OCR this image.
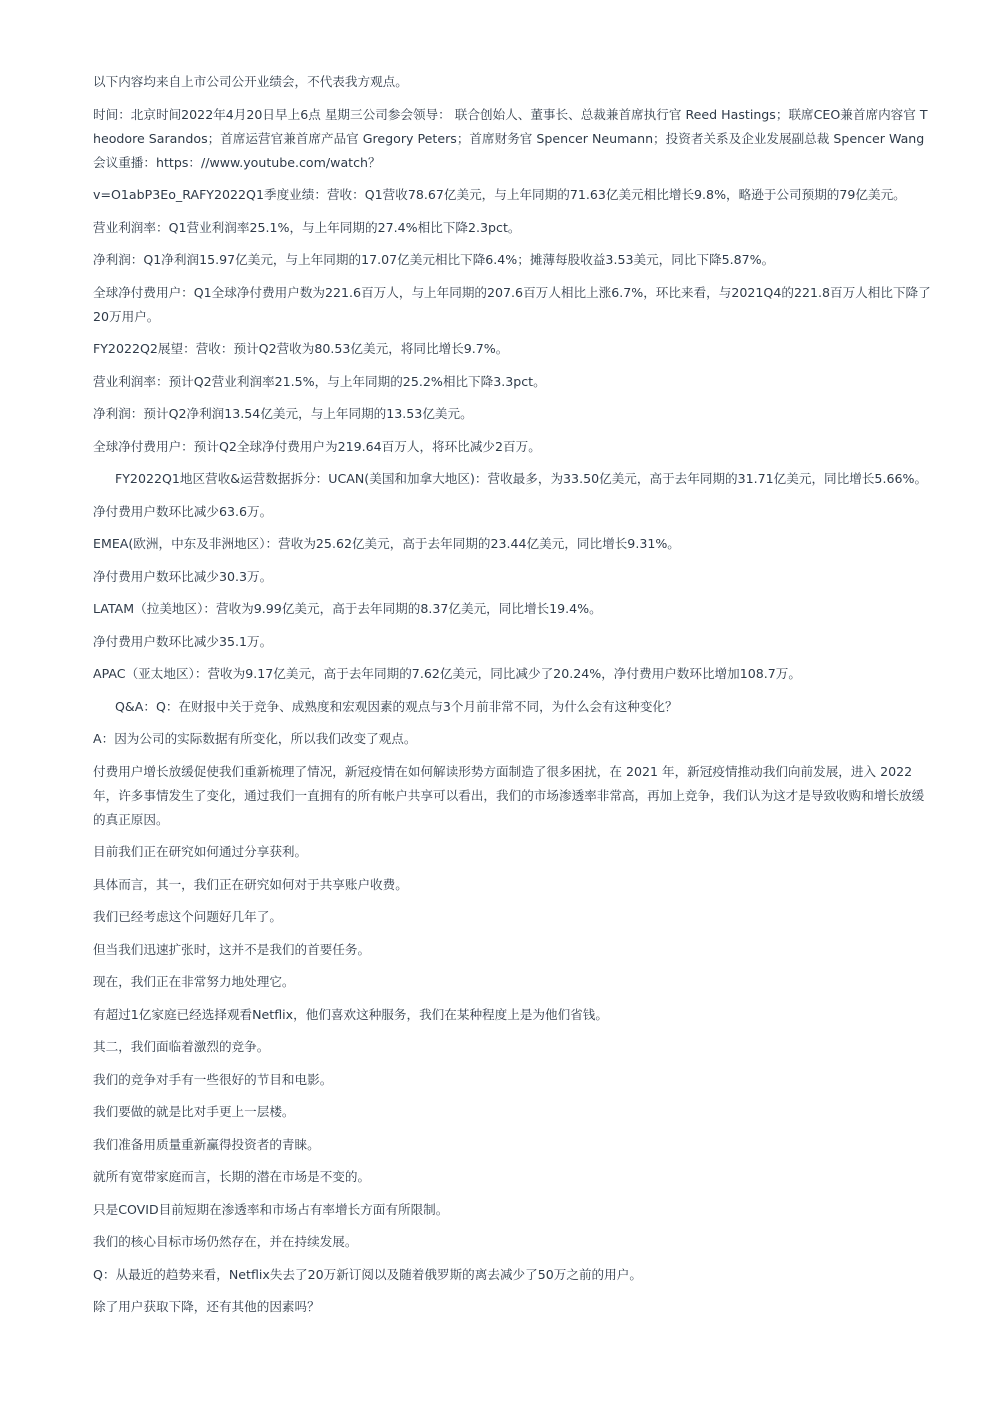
以下内容均来自上市公司公开业绩会，不代表我方观点。

时间：北京时间2022年4月20日早上6点 星期三公司参会领导： 联合创始人、董事长、总裁兼首席执行官 Reed Hastings；联席CEO兼首席内容官 Theodore Sarandos；首席运营官兼首席产品官 Gregory Peters；首席财务官 Spencer Neumann；投资者关系及企业发展副总裁 Spencer Wang会议重播：https：//www.youtube.com/watch？

v=O1abP3Eo_RAFY2022Q1季度业绩：营收：Q1营收78.67亿美元，与上年同期的71.63亿美元相比增长9.8%，略逊于公司预期的79亿美元。

营业利润率：Q1营业利润率25.1%，与上年同期的27.4%相比下降2.3pct。

净利润：Q1净利润15.97亿美元，与上年同期的17.07亿美元相比下降6.4%；摊薄每股收益3.53美元，同比下降5.87%。

全球净付费用户：Q1全球净付费用户数为221.6百万人，与上年同期的207.6百万人相比上涨6.7%，环比来看，与2021Q4的221.8百万人相比下降了20万用户。

FY2022Q2展望：营收：预计Q2营收为80.53亿美元，将同比增长9.7%。

营业利润率：预计Q2营业利润率21.5%，与上年同期的25.2%相比下降3.3pct。

净利润：预计Q2净利润13.54亿美元，与上年同期的13.53亿美元。

全球净付费用户：预计Q2全球净付费用户为219.64百万人，将环比减少2百万。

FY2022Q1地区营收&运营数据拆分：UCAN(美国和加拿大地区)：营收最多，为33.50亿美元，高于去年同期的31.71亿美元，同比增长5.66%。

净付费用户数环比减少63.6万。

EMEA(欧洲，中东及非洲地区）：营收为25.62亿美元，高于去年同期的23.44亿美元，同比增长9.31%。

净付费用户数环比减少30.3万。

LATAM（拉美地区）：营收为9.99亿美元，高于去年同期的8.37亿美元，同比增长19.4%。

净付费用户数环比减少35.1万。

APAC（亚太地区）：营收为9.17亿美元，高于去年同期的7.62亿美元，同比减少了20.24%，净付费用户数环比增加108.7万。

Q&A：Q：在财报中关于竞争、成熟度和宏观因素的观点与3个月前非常不同，为什么会有这种变化？

A：因为公司的实际数据有所变化，所以我们改变了观点。

付费用户增长放缓促使我们重新梳理了情况，新冠疫情在如何解读形势方面制造了很多困扰，在 2021 年，新冠疫情推动我们向前发展，进入 2022 年，许多事情发生了变化，通过我们一直拥有的所有帐户共享可以看出，我们的市场渗透率非常高，再加上竞争，我们认为这才是导致收购和增长放缓的真正原因。

目前我们正在研究如何通过分享获利。

具体而言，其一，我们正在研究如何对于共享账户收费。

我们已经考虑这个问题好几年了。

但当我们迅速扩张时，这并不是我们的首要任务。

现在，我们正在非常努力地处理它。

有超过1亿家庭已经选择观看Netflix，他们喜欢这种服务，我们在某种程度上是为他们省钱。

其二，我们面临着激烈的竞争。

我们的竞争对手有一些很好的节目和电影。

我们要做的就是比对手更上一层楼。

我们准备用质量重新赢得投资者的青睐。

就所有宽带家庭而言，长期的潜在市场是不变的。

只是COVID目前短期在渗透率和市场占有率增长方面有所限制。

我们的核心目标市场仍然存在，并在持续发展。

Q：从最近的趋势来看，Netflix失去了20万新订阅以及随着俄罗斯的离去减少了50万之前的用户。

除了用户获取下降，还有其他的因素吗？
